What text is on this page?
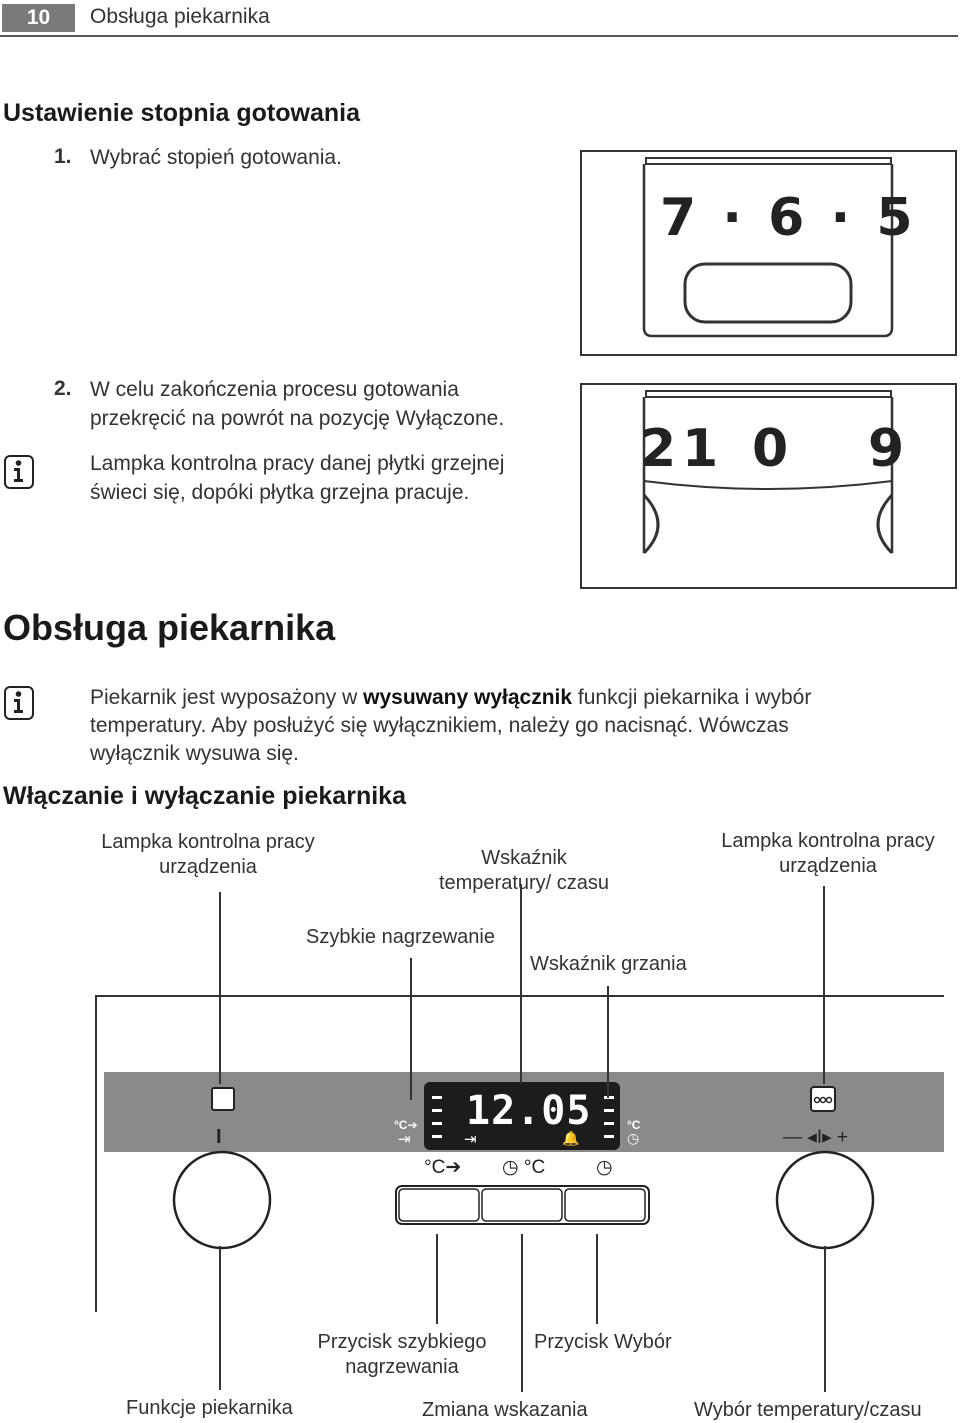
10	Obsługa piekarnika
Ustawienie stopnia gotowania
1. Wybrać stopień gotowania.
2. W celu zakończenia procesu gotowania
przekręcić na powrót na pozycję Wyłączone.
Lampka kontrolna pracy danej płytki grzejnej
świeci się, dopóki płytka grzejna pracuje.
7 · 6 · 5
2 1 0 9
Obsługa piekarnika
Piekarnik jest wyposażony w wysuwany wyłącznik funkcji piekarnika i wybór
temperatury. Aby posłużyć się wyłącznikiem, należy go nacisnąć. Wówczas
wyłącznik wysuwa się.
Włączanie i wyłączanie piekarnika
Lampka kontrolna pracy
urządzenia	Wskaźnik
temperatury/ czasu
Lampka kontrolna pracy
urządzenia
Szybkie nagrzewanie
Wskaźnik grzania
Przycisk szybkiego
nagrzewania
Przycisk Wybór
Funkcje piekarnika	Zmiana wskazania	Wybór temperatury/czasu
12.05
I	— ◂I▸ +
°C➔
⇥	⇥	🔔
°C
◷
°C➔ ◷ °C	◷
